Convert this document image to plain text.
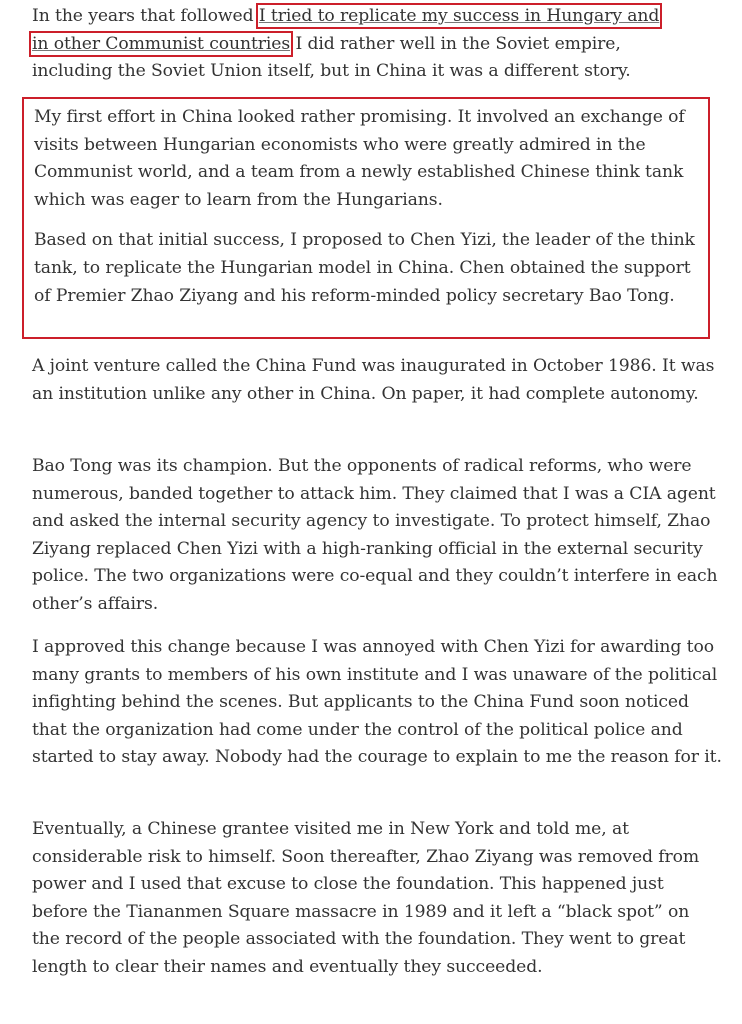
In the years that followed I tried to replicate my success in Hungary and

in other Communist countries I did rather well in the Soviet empire,

including the Soviet Union itself, but in China it was a different story.

My first effort in China looked rather promising. It involved an exchange of visits between Hungarian economists who were greatly admired in the Communist world, and a team from a newly established Chinese think tank which was eager to learn from the Hungarians.

Based on that initial success, I proposed to Chen Yizi, the leader of the think tank, to replicate the Hungarian model in China. Chen obtained the support of Premier Zhao Ziyang and his reform-minded policy secretary Bao Tong.

A joint venture called the China Fund was inaugurated in October 1986. It was an institution unlike any other in China. On paper, it had complete autonomy.

Bao Tong was its champion. But the opponents of radical reforms, who were numerous, banded together to attack him. They claimed that I was a CIA agent and asked the internal security agency to investigate. To protect himself, Zhao Ziyang replaced Chen Yizi with a high-ranking official in the external security police. The two organizations were co-equal and they couldn’t interfere in each other’s affairs.

I approved this change because I was annoyed with Chen Yizi for awarding too many grants to members of his own institute and I was unaware of the political infighting behind the scenes. But applicants to the China Fund soon noticed that the organization had come under the control of the political police and started to stay away. Nobody had the courage to explain to me the reason for it.

Eventually, a Chinese grantee visited me in New York and told me, at considerable risk to himself. Soon thereafter, Zhao Ziyang was removed from power and I used that excuse to close the foundation. This happened just before the Tiananmen Square massacre in 1989 and it left a “black spot” on the record of the people associated with the foundation. They went to great length to clear their names and eventually they succeeded.
